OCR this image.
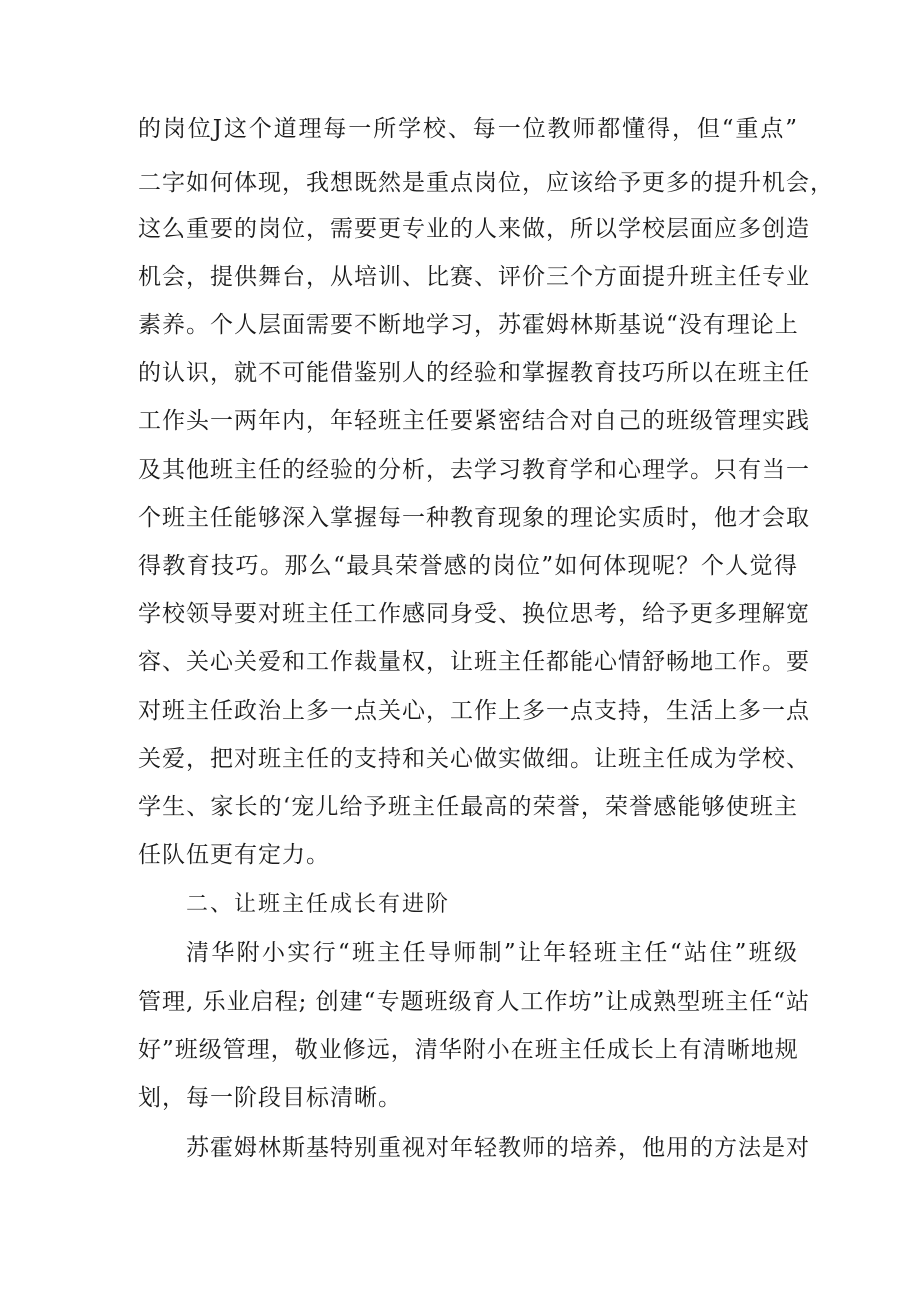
的岗位J这个道理每一所学校、每一位教师都懂得，但“重点”
二字如何体现，我想既然是重点岗位，应该给予更多的提升机会，
这么重要的岗位，需要更专业的人来做，所以学校层面应多创造
机会，提供舞台，从培训、比赛、评价三个方面提升班主任专业
素养。个人层面需要不断地学习，苏霍姆林斯基说“没有理论上
的认识，就不可能借鉴别人的经验和掌握教育技巧所以在班主任
工作头一两年内，年轻班主任要紧密结合对自己的班级管理实践
及其他班主任的经验的分析，去学习教育学和心理学。只有当一
个班主任能够深入掌握每一种教育现象的理论实质时，他才会取
得教育技巧。那么“最具荣誉感的岗位”如何体现呢？个人觉得
学校领导要对班主任工作感同身受、换位思考，给予更多理解宽
容、关心关爱和工作裁量权，让班主任都能心情舒畅地工作。要
对班主任政治上多一点关心，工作上多一点支持，生活上多一点
关爱，把对班主任的支持和关心做实做细。让班主任成为学校、
学生、家长的‘宠儿给予班主任最高的荣誉，荣誉感能够使班主
任队伍更有定力。
二、让班主任成长有进阶
清华附小实行“班主任导师制”让年轻班主任“站住”班级
管理, 乐业启程; 创建“专题班级育人工作坊”让成熟型班主任“站
好”班级管理，敬业修远，清华附小在班主任成长上有清晰地规
划，每一阶段目标清晰。
苏霍姆林斯基特别重视对年轻教师的培养，他用的方法是对
